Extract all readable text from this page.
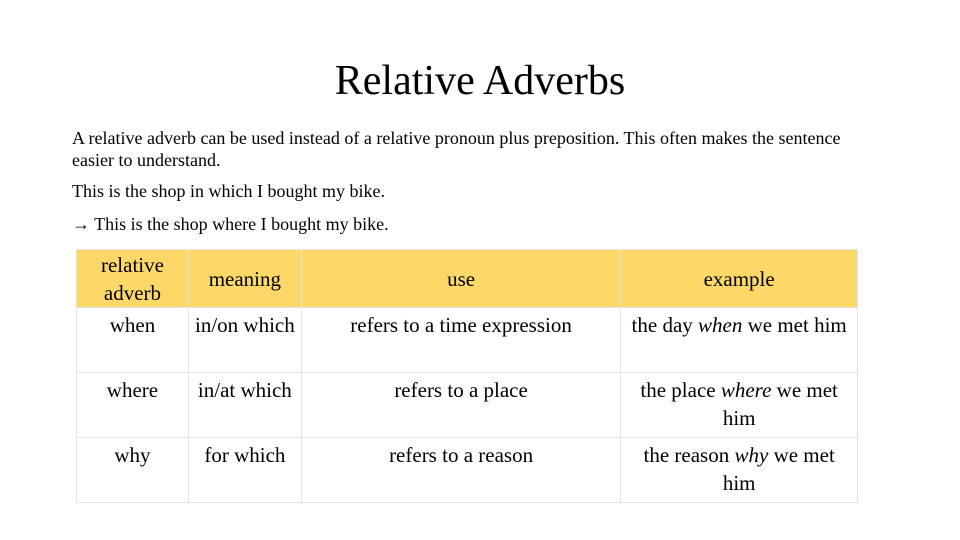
Relative Adverbs
A relative adverb can be used instead of a relative pronoun plus preposition. This often makes the sentence easier to understand.
This is the shop in which I bought my bike.
→ This is the shop where I bought my bike.
relative adverb	meaning	use	example
when	in/on which	refers to a time expression	the day when we met him
where	in/at which	refers to a place	the place where we met him
why	for which	refers to a reason	the reason why we met him
